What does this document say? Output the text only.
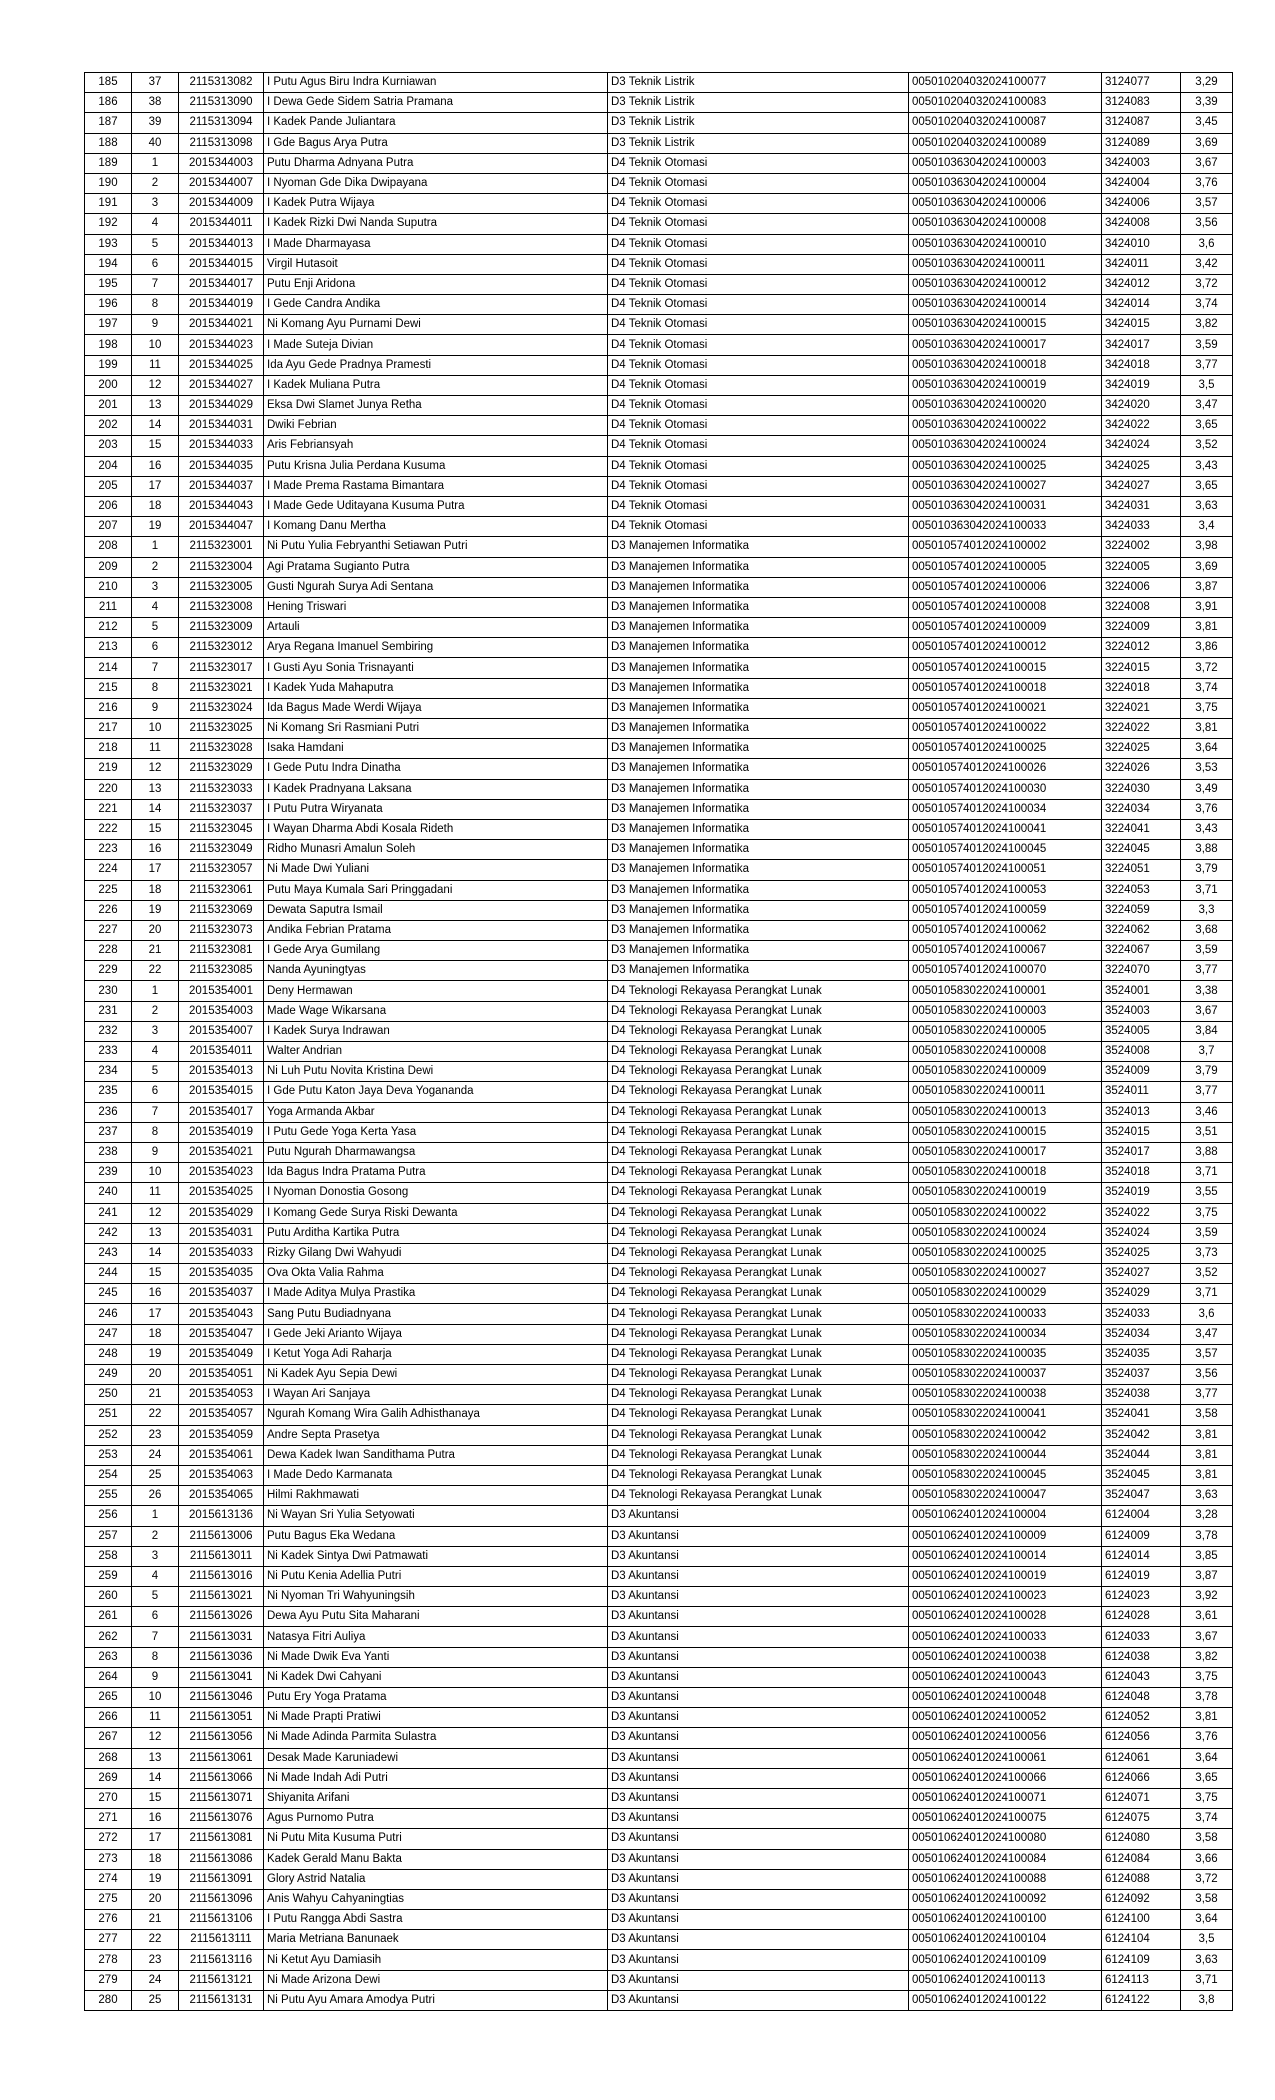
185	37	2115313082	I Putu Agus Biru Indra Kurniawan	D3 Teknik Listrik	005010204032024100077	3124077	3,29
186	38	2115313090	I Dewa Gede Sidem Satria Pramana	D3 Teknik Listrik	005010204032024100083	3124083	3,39
187	39	2115313094	I Kadek Pande Juliantara	D3 Teknik Listrik	005010204032024100087	3124087	3,45
188	40	2115313098	I Gde Bagus Arya Putra	D3 Teknik Listrik	005010204032024100089	3124089	3,69
189	1	2015344003	Putu Dharma Adnyana Putra	D4 Teknik Otomasi	005010363042024100003	3424003	3,67
190	2	2015344007	I Nyoman Gde Dika Dwipayana	D4 Teknik Otomasi	005010363042024100004	3424004	3,76
191	3	2015344009	I Kadek Putra Wijaya	D4 Teknik Otomasi	005010363042024100006	3424006	3,57
192	4	2015344011	I Kadek Rizki Dwi Nanda Suputra	D4 Teknik Otomasi	005010363042024100008	3424008	3,56
193	5	2015344013	I Made Dharmayasa	D4 Teknik Otomasi	005010363042024100010	3424010	3,6
194	6	2015344015	Virgil Hutasoit	D4 Teknik Otomasi	005010363042024100011	3424011	3,42
195	7	2015344017	Putu Enji Aridona	D4 Teknik Otomasi	005010363042024100012	3424012	3,72
196	8	2015344019	I Gede Candra Andika	D4 Teknik Otomasi	005010363042024100014	3424014	3,74
197	9	2015344021	Ni Komang Ayu Purnami Dewi	D4 Teknik Otomasi	005010363042024100015	3424015	3,82
198	10	2015344023	I Made Suteja Divian	D4 Teknik Otomasi	005010363042024100017	3424017	3,59
199	11	2015344025	Ida Ayu Gede Pradnya Pramesti	D4 Teknik Otomasi	005010363042024100018	3424018	3,77
200	12	2015344027	I Kadek Muliana Putra	D4 Teknik Otomasi	005010363042024100019	3424019	3,5
201	13	2015344029	Eksa Dwi Slamet Junya Retha	D4 Teknik Otomasi	005010363042024100020	3424020	3,47
202	14	2015344031	Dwiki Febrian	D4 Teknik Otomasi	005010363042024100022	3424022	3,65
203	15	2015344033	Aris Febriansyah	D4 Teknik Otomasi	005010363042024100024	3424024	3,52
204	16	2015344035	Putu Krisna Julia Perdana Kusuma	D4 Teknik Otomasi	005010363042024100025	3424025	3,43
205	17	2015344037	I Made Prema Rastama Bimantara	D4 Teknik Otomasi	005010363042024100027	3424027	3,65
206	18	2015344043	I Made Gede Uditayana Kusuma Putra	D4 Teknik Otomasi	005010363042024100031	3424031	3,63
207	19	2015344047	I Komang Danu Mertha	D4 Teknik Otomasi	005010363042024100033	3424033	3,4
208	1	2115323001	Ni Putu Yulia Febryanthi Setiawan Putri	D3 Manajemen Informatika	005010574012024100002	3224002	3,98
209	2	2115323004	Agi Pratama Sugianto Putra	D3 Manajemen Informatika	005010574012024100005	3224005	3,69
210	3	2115323005	Gusti Ngurah Surya Adi Sentana	D3 Manajemen Informatika	005010574012024100006	3224006	3,87
211	4	2115323008	Hening Triswari	D3 Manajemen Informatika	005010574012024100008	3224008	3,91
212	5	2115323009	Artauli	D3 Manajemen Informatika	005010574012024100009	3224009	3,81
213	6	2115323012	Arya Regana Imanuel Sembiring	D3 Manajemen Informatika	005010574012024100012	3224012	3,86
214	7	2115323017	I Gusti Ayu Sonia Trisnayanti	D3 Manajemen Informatika	005010574012024100015	3224015	3,72
215	8	2115323021	I Kadek Yuda Mahaputra	D3 Manajemen Informatika	005010574012024100018	3224018	3,74
216	9	2115323024	Ida Bagus Made Werdi Wijaya	D3 Manajemen Informatika	005010574012024100021	3224021	3,75
217	10	2115323025	Ni Komang Sri Rasmiani Putri	D3 Manajemen Informatika	005010574012024100022	3224022	3,81
218	11	2115323028	Isaka Hamdani	D3 Manajemen Informatika	005010574012024100025	3224025	3,64
219	12	2115323029	I Gede Putu Indra Dinatha	D3 Manajemen Informatika	005010574012024100026	3224026	3,53
220	13	2115323033	I Kadek Pradnyana Laksana	D3 Manajemen Informatika	005010574012024100030	3224030	3,49
221	14	2115323037	I Putu Putra Wiryanata	D3 Manajemen Informatika	005010574012024100034	3224034	3,76
222	15	2115323045	I Wayan Dharma Abdi Kosala Rideth	D3 Manajemen Informatika	005010574012024100041	3224041	3,43
223	16	2115323049	Ridho Munasri Amalun Soleh	D3 Manajemen Informatika	005010574012024100045	3224045	3,88
224	17	2115323057	Ni Made Dwi Yuliani	D3 Manajemen Informatika	005010574012024100051	3224051	3,79
225	18	2115323061	Putu Maya Kumala Sari Pringgadani	D3 Manajemen Informatika	005010574012024100053	3224053	3,71
226	19	2115323069	Dewata Saputra Ismail	D3 Manajemen Informatika	005010574012024100059	3224059	3,3
227	20	2115323073	Andika Febrian Pratama	D3 Manajemen Informatika	005010574012024100062	3224062	3,68
228	21	2115323081	I Gede Arya Gumilang	D3 Manajemen Informatika	005010574012024100067	3224067	3,59
229	22	2115323085	Nanda Ayuningtyas	D3 Manajemen Informatika	005010574012024100070	3224070	3,77
230	1	2015354001	Deny Hermawan	D4 Teknologi Rekayasa Perangkat Lunak	005010583022024100001	3524001	3,38
231	2	2015354003	Made Wage Wikarsana	D4 Teknologi Rekayasa Perangkat Lunak	005010583022024100003	3524003	3,67
232	3	2015354007	I Kadek Surya Indrawan	D4 Teknologi Rekayasa Perangkat Lunak	005010583022024100005	3524005	3,84
233	4	2015354011	Walter Andrian	D4 Teknologi Rekayasa Perangkat Lunak	005010583022024100008	3524008	3,7
234	5	2015354013	Ni Luh Putu Novita Kristina Dewi	D4 Teknologi Rekayasa Perangkat Lunak	005010583022024100009	3524009	3,79
235	6	2015354015	I Gde Putu Katon Jaya Deva Yogananda	D4 Teknologi Rekayasa Perangkat Lunak	005010583022024100011	3524011	3,77
236	7	2015354017	Yoga Armanda Akbar	D4 Teknologi Rekayasa Perangkat Lunak	005010583022024100013	3524013	3,46
237	8	2015354019	I Putu Gede Yoga Kerta Yasa	D4 Teknologi Rekayasa Perangkat Lunak	005010583022024100015	3524015	3,51
238	9	2015354021	Putu Ngurah Dharmawangsa	D4 Teknologi Rekayasa Perangkat Lunak	005010583022024100017	3524017	3,88
239	10	2015354023	Ida Bagus Indra Pratama Putra	D4 Teknologi Rekayasa Perangkat Lunak	005010583022024100018	3524018	3,71
240	11	2015354025	I Nyoman Donostia Gosong	D4 Teknologi Rekayasa Perangkat Lunak	005010583022024100019	3524019	3,55
241	12	2015354029	I Komang Gede Surya Riski Dewanta	D4 Teknologi Rekayasa Perangkat Lunak	005010583022024100022	3524022	3,75
242	13	2015354031	Putu Arditha Kartika Putra	D4 Teknologi Rekayasa Perangkat Lunak	005010583022024100024	3524024	3,59
243	14	2015354033	Rizky Gilang Dwi Wahyudi	D4 Teknologi Rekayasa Perangkat Lunak	005010583022024100025	3524025	3,73
244	15	2015354035	Ova Okta Valia Rahma	D4 Teknologi Rekayasa Perangkat Lunak	005010583022024100027	3524027	3,52
245	16	2015354037	I Made Aditya Mulya Prastika	D4 Teknologi Rekayasa Perangkat Lunak	005010583022024100029	3524029	3,71
246	17	2015354043	Sang Putu Budiadnyana	D4 Teknologi Rekayasa Perangkat Lunak	005010583022024100033	3524033	3,6
247	18	2015354047	I Gede Jeki Arianto Wijaya	D4 Teknologi Rekayasa Perangkat Lunak	005010583022024100034	3524034	3,47
248	19	2015354049	I Ketut Yoga Adi Raharja	D4 Teknologi Rekayasa Perangkat Lunak	005010583022024100035	3524035	3,57
249	20	2015354051	Ni Kadek Ayu Sepia Dewi	D4 Teknologi Rekayasa Perangkat Lunak	005010583022024100037	3524037	3,56
250	21	2015354053	I Wayan Ari Sanjaya	D4 Teknologi Rekayasa Perangkat Lunak	005010583022024100038	3524038	3,77
251	22	2015354057	Ngurah Komang Wira Galih Adhisthanaya	D4 Teknologi Rekayasa Perangkat Lunak	005010583022024100041	3524041	3,58
252	23	2015354059	Andre Septa Prasetya	D4 Teknologi Rekayasa Perangkat Lunak	005010583022024100042	3524042	3,81
253	24	2015354061	Dewa Kadek Iwan Sandithama Putra	D4 Teknologi Rekayasa Perangkat Lunak	005010583022024100044	3524044	3,81
254	25	2015354063	I Made Dedo Karmanata	D4 Teknologi Rekayasa Perangkat Lunak	005010583022024100045	3524045	3,81
255	26	2015354065	Hilmi Rakhmawati	D4 Teknologi Rekayasa Perangkat Lunak	005010583022024100047	3524047	3,63
256	1	2015613136	Ni Wayan Sri Yulia Setyowati	D3 Akuntansi	005010624012024100004	6124004	3,28
257	2	2115613006	Putu Bagus Eka Wedana	D3 Akuntansi	005010624012024100009	6124009	3,78
258	3	2115613011	Ni Kadek Sintya Dwi Patmawati	D3 Akuntansi	005010624012024100014	6124014	3,85
259	4	2115613016	Ni Putu Kenia Adellia Putri	D3 Akuntansi	005010624012024100019	6124019	3,87
260	5	2115613021	Ni Nyoman Tri Wahyuningsih	D3 Akuntansi	005010624012024100023	6124023	3,92
261	6	2115613026	Dewa Ayu Putu Sita Maharani	D3 Akuntansi	005010624012024100028	6124028	3,61
262	7	2115613031	Natasya Fitri Auliya	D3 Akuntansi	005010624012024100033	6124033	3,67
263	8	2115613036	Ni Made Dwik Eva Yanti	D3 Akuntansi	005010624012024100038	6124038	3,82
264	9	2115613041	Ni Kadek Dwi Cahyani	D3 Akuntansi	005010624012024100043	6124043	3,75
265	10	2115613046	Putu Ery Yoga Pratama	D3 Akuntansi	005010624012024100048	6124048	3,78
266	11	2115613051	Ni Made Prapti Pratiwi	D3 Akuntansi	005010624012024100052	6124052	3,81
267	12	2115613056	Ni Made Adinda Parmita Sulastra	D3 Akuntansi	005010624012024100056	6124056	3,76
268	13	2115613061	Desak Made Karuniadewi	D3 Akuntansi	005010624012024100061	6124061	3,64
269	14	2115613066	Ni Made Indah Adi Putri	D3 Akuntansi	005010624012024100066	6124066	3,65
270	15	2115613071	Shiyanita Arifani	D3 Akuntansi	005010624012024100071	6124071	3,75
271	16	2115613076	Agus Purnomo Putra	D3 Akuntansi	005010624012024100075	6124075	3,74
272	17	2115613081	Ni Putu Mita Kusuma Putri	D3 Akuntansi	005010624012024100080	6124080	3,58
273	18	2115613086	Kadek Gerald Manu Bakta	D3 Akuntansi	005010624012024100084	6124084	3,66
274	19	2115613091	Glory Astrid Natalia	D3 Akuntansi	005010624012024100088	6124088	3,72
275	20	2115613096	Anis Wahyu Cahyaningtias	D3 Akuntansi	005010624012024100092	6124092	3,58
276	21	2115613106	I Putu Rangga Abdi Sastra	D3 Akuntansi	005010624012024100100	6124100	3,64
277	22	2115613111	Maria Metriana Banunaek	D3 Akuntansi	005010624012024100104	6124104	3,5
278	23	2115613116	Ni Ketut Ayu Damiasih	D3 Akuntansi	005010624012024100109	6124109	3,63
279	24	2115613121	Ni Made Arizona Dewi	D3 Akuntansi	005010624012024100113	6124113	3,71
280	25	2115613131	Ni Putu Ayu Amara Amodya Putri	D3 Akuntansi	005010624012024100122	6124122	3,8
